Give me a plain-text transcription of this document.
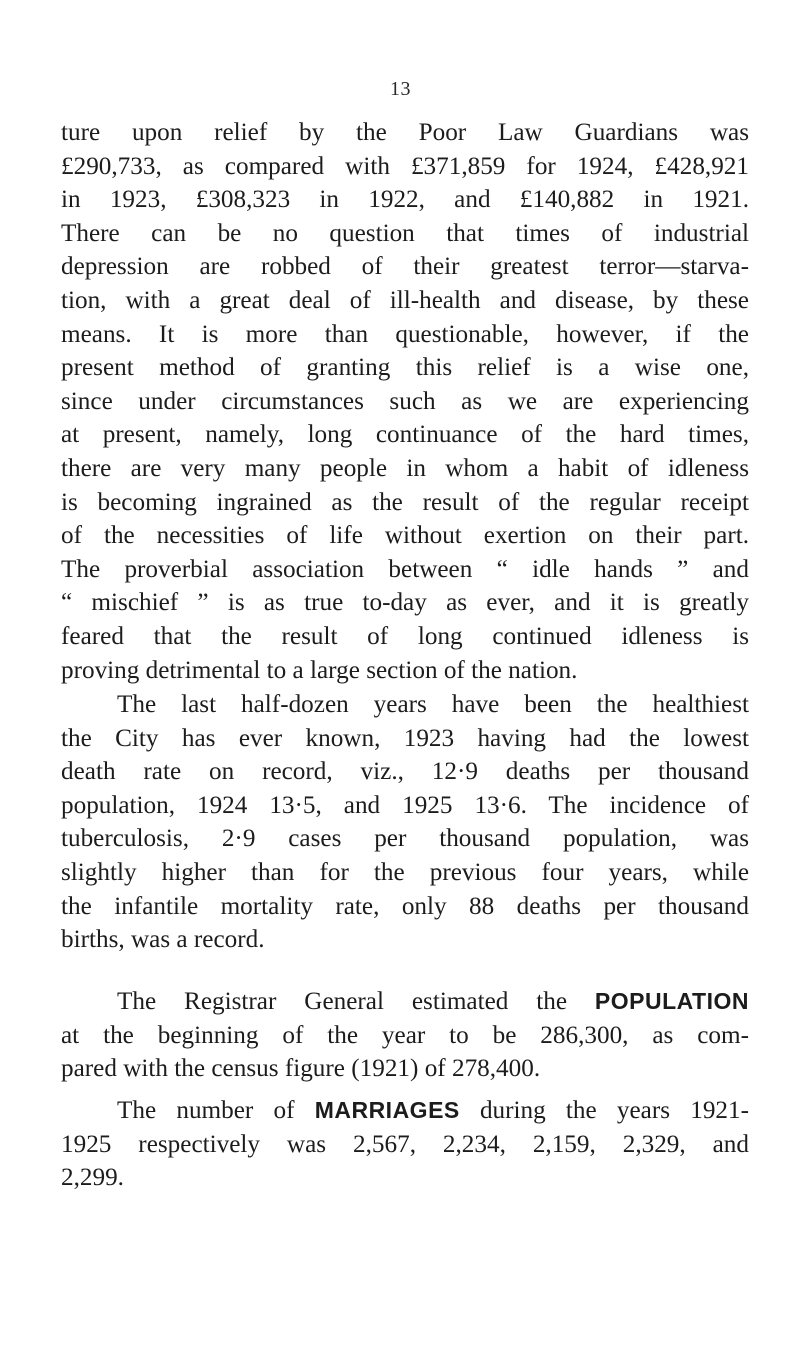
13
ture upon relief by the Poor Law Guardians was
£290,733, as compared with £371,859 for 1924, £428,921
in 1923, £308,323 in 1922, and £140,882 in 1921.
There can be no question that times of industrial
depression are robbed of their greatest terror—starva-
tion, with a great deal of ill-health and disease, by these
means. It is more than questionable, however, if the
present method of granting this relief is a wise one,
since under circumstances such as we are experiencing
at present, namely, long continuance of the hard times,
there are very many people in whom a habit of idleness
is becoming ingrained as the result of the regular receipt
of the necessities of life without exertion on their part.
The proverbial association between “ idle hands ” and
“ mischief ” is as true to-day as ever, and it is greatly
feared that the result of long continued idleness is
proving detrimental to a large section of the nation.
The last half-dozen years have been the healthiest
the City has ever known, 1923 having had the lowest
death rate on record, viz., 12·9 deaths per thousand
population, 1924 13·5, and 1925 13·6. The incidence of
tuberculosis, 2·9 cases per thousand population, was
slightly higher than for the previous four years, while
the infantile mortality rate, only 88 deaths per thousand
births, was a record.
The Registrar General estimated the POPULATION
at the beginning of the year to be 286,300, as com-
pared with the census figure (1921) of 278,400.
The number of MARRIAGES during the years 1921-
1925 respectively was 2,567, 2,234, 2,159, 2,329, and
2,299.
